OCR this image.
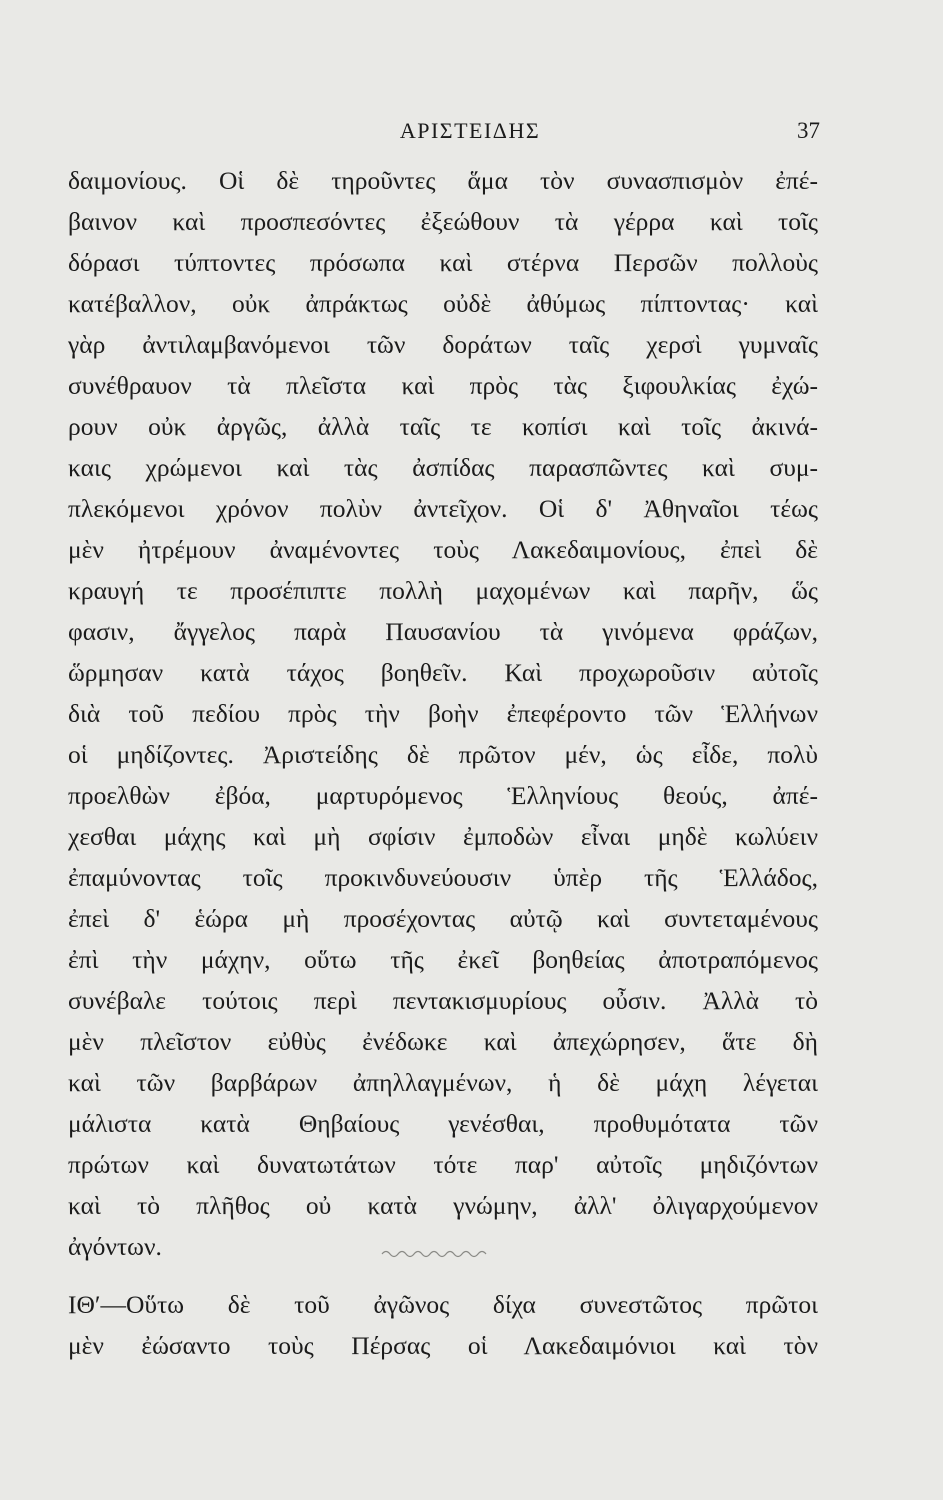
ΑΡΙΣΤΕΙΔΗΣ	37
δαιμονίους. Οἱ δὲ τηροῦντες ἅμα τὸν συνασπισμὸν ἐπέ-
βαινον καὶ προσπεσόντες ἐξεώθουν τὰ γέρρα καὶ τοῖς
δόρασι τύπτοντες πρόσωπα καὶ στέρνα Περσῶν πολλοὺς
κατέβαλλον, οὐκ ἀπράκτως οὐδὲ ἀθύμως πίπτοντας· καὶ
γὰρ ἀντιλαμβανόμενοι τῶν δοράτων ταῖς χερσὶ γυμναῖς
συνέθραυον τὰ πλεῖστα καὶ πρὸς τὰς ξιφουλκίας ἐχώ-
ρουν οὐκ ἀργῶς, ἀλλὰ ταῖς τε κοπίσι καὶ τοῖς ἀκινά-
καις χρώμενοι καὶ τὰς ἀσπίδας παρασπῶντες καὶ συμ-
πλεκόμενοι χρόνον πολὺν ἀντεῖχον. Οἱ δ' Ἀθηναῖοι τέως
μὲν ἠτρέμουν ἀναμένοντες τοὺς Λακεδαιμονίους, ἐπεὶ δὲ
κραυγή τε προσέπιπτε πολλὴ μαχομένων καὶ παρῆν, ὥς
φασιν, ἄγγελος παρὰ Παυσανίου τὰ γινόμενα φράζων,
ὥρμησαν κατὰ τάχος βοηθεῖν. Καὶ προχωροῦσιν αὐτοῖς
διὰ τοῦ πεδίου πρὸς τὴν βοὴν ἐπεφέροντο τῶν Ἑλλήνων
οἱ μηδίζοντες. Ἀριστείδης δὲ πρῶτον μέν, ὡς εἶδε, πολὺ
προελθὼν ἐβόα, μαρτυρόμενος Ἑλληνίους θεούς, ἀπέ-
χεσθαι μάχης καὶ μὴ σφίσιν ἐμποδὼν εἶναι μηδὲ κωλύειν
ἐπαμύνοντας τοῖς προκινδυνεύουσιν ὑπὲρ τῆς Ἑλλάδος,
ἐπεὶ δ' ἑώρα μὴ προσέχοντας αὐτῷ καὶ συντεταμένους
ἐπὶ τὴν μάχην, οὕτω τῆς ἐκεῖ βοηθείας ἀποτραπόμενος
συνέβαλε τούτοις περὶ πεντακισμυρίους οὖσιν. Ἀλλὰ τὸ
μὲν πλεῖστον εὐθὺς ἐνέδωκε καὶ ἀπεχώρησεν, ἅτε δὴ
καὶ τῶν βαρβάρων ἀπηλλαγμένων, ἡ δὲ μάχη λέγεται
μάλιστα κατὰ Θηβαίους γενέσθαι, προθυμότατα τῶν
πρώτων καὶ δυνατωτάτων τότε παρ' αὐτοῖς μηδιζόντων
καὶ τὸ πλῆθος οὐ κατὰ γνώμην, ἀλλ' ὀλιγαρχούμενον
ἀγόντων.
ΙΘʹ—Οὕτω δὲ τοῦ ἀγῶνος δίχα συνεστῶτος πρῶτοι
μὲν ἐώσαντο τοὺς Πέρσας οἱ Λακεδαιμόνιοι καὶ τὸν
